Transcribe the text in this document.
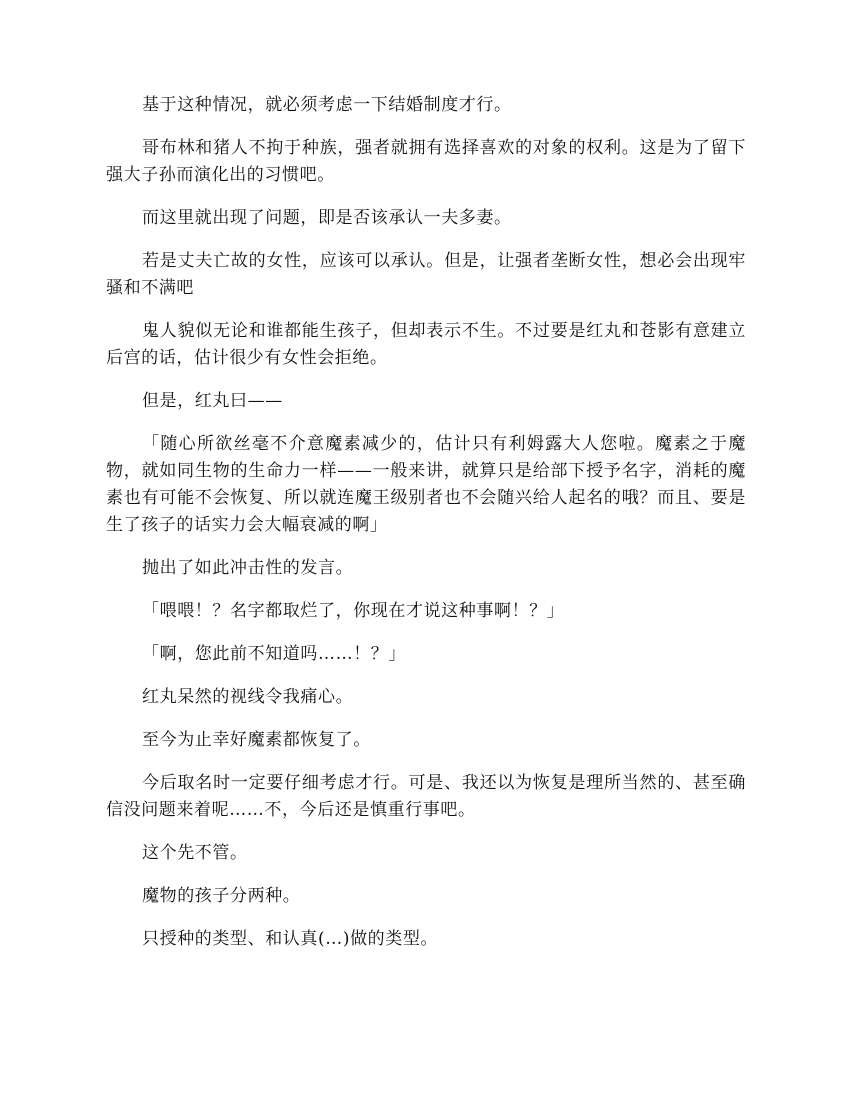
基于这种情况，就必须考虑一下结婚制度才行。

哥布林和猪人不拘于种族，强者就拥有选择喜欢的对象的权利。这是为了留下强大子孙而演化出的习惯吧。

而这里就出现了问题，即是否该承认一夫多妻。

若是丈夫亡故的女性，应该可以承认。但是，让强者垄断女性，想必会出现牢骚和不满吧

鬼人貌似无论和谁都能生孩子，但却表示不生。不过要是红丸和苍影有意建立后宫的话，估计很少有女性会拒绝。

但是，红丸曰——

「随心所欲丝毫不介意魔素减少的，估计只有利姆露大人您啦。魔素之于魔物，就如同生物的生命力一样——一般来讲，就算只是给部下授予名字，消耗的魔素也有可能不会恢复、所以就连魔王级别者也不会随兴给人起名的哦？而且、要是生了孩子的话实力会大幅衰减的啊」

抛出了如此冲击性的发言。

「喂喂！？名字都取烂了，你现在才说这种事啊！？」

「啊，您此前不知道吗……！？」

红丸呆然的视线令我痛心。

至今为止幸好魔素都恢复了。

今后取名时一定要仔细考虑才行。可是、我还以为恢复是理所当然的、甚至确信没问题来着呢……不，今后还是慎重行事吧。

这个先不管。

魔物的孩子分两种。

只授种的类型、和认真(…)做的类型。
